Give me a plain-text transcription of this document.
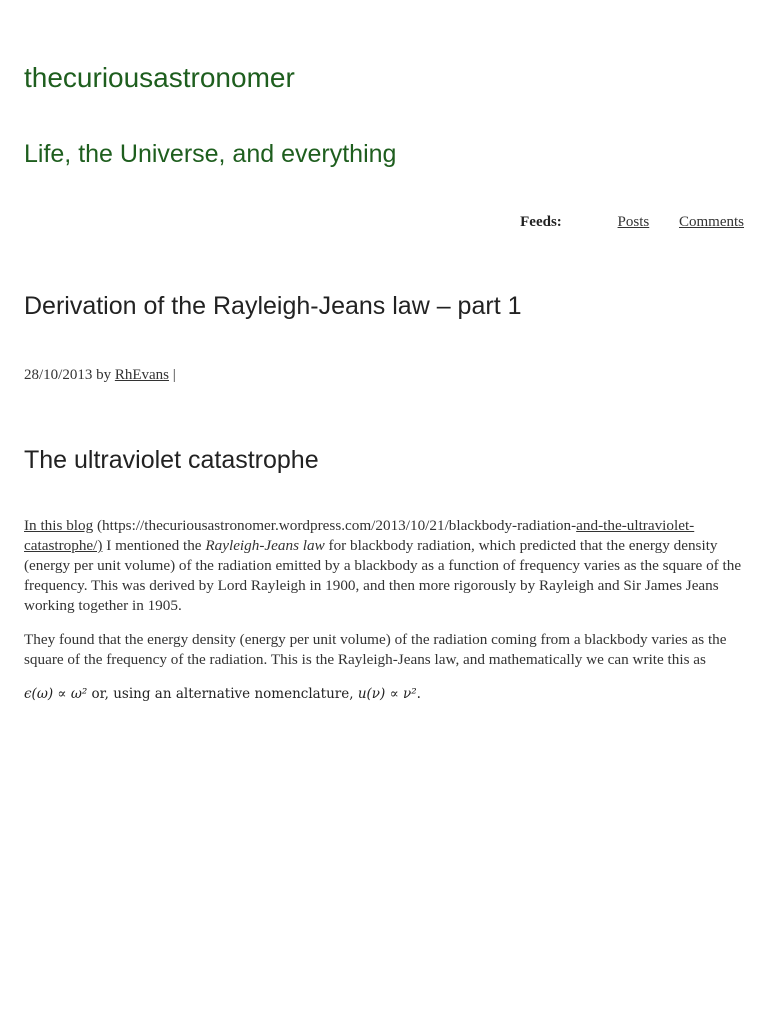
thecuriousastronomer
Life, the Universe, and everything
Feeds:	Posts Comments
Derivation of the Rayleigh-Jeans law – part 1
28/10/2013 by RhEvans |
The ultraviolet catastrophe

In this blog (https://thecuriousastronomer.wordpress.com/2013/10/21/blackbody-radiation-and-the-ultraviolet-catastrophe/) I mentioned the Rayleigh-Jeans law for blackbody radiation, which predicted that the energy density (energy per unit volume) of the radiation emitted by a blackbody as a function of frequency varies as the square of the frequency. This was derived by Lord Rayleigh in 1900, and then more rigorously by Rayleigh and Sir James Jeans working together in 1905.

They found that the energy density (energy per unit volume) of the radiation coming from a blackbody varies as the square of the frequency of the radiation. This is the Rayleigh-Jeans law, and mathematically we can write this as

ϵ(ω) ∝ ω² or, using an alternative nomenclature, u(ν) ∝ ν².
